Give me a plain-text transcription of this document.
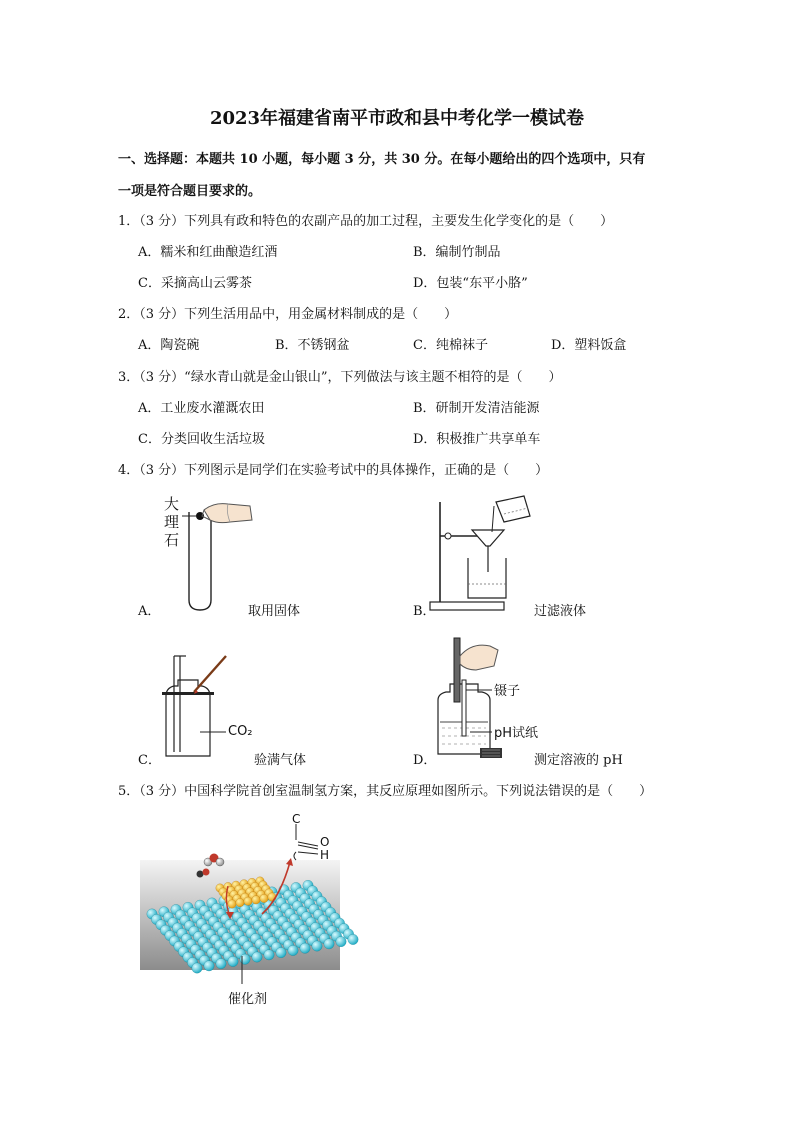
2023年福建省南平市政和县中考化学一模试卷
一、选择题：本题共 10 小题，每小题 3 分，共 30 分。在每小题给出的四个选项中，只有
一项是符合题目要求的。
1．（3 分）下列具有政和特色的农副产品的加工过程，主要发生化学变化的是（　　）
A．糯米和红曲酿造红酒	B．编制竹制品
C．采摘高山云雾茶	D．包装“东平小胳”
2．（3 分）下列生活用品中，用金属材料制成的是（　　）
A．陶瓷碗	B．不锈钢盆	C．纯棉袜子	D．塑料饭盒
3．（3 分）“绿水青山就是金山银山”，下列做法与该主题不相符的是（　　）
A．工业废水灌溉农田	B．研制开发清洁能源
C．分类回收生活垃圾	D．积极推广共享单车
4．（3 分）下列图示是同学们在实验考试中的具体操作，正确的是（　　）
大
理
石
A．	取用固体	B．	过滤液体
CO₂
C．	验满气体
镊子
pH试纸
D．	测定溶液的 pH
5．（3 分）中国科学院首创室温制氢方案，其反应原理如图所示。下列说法错误的是（　　）
C
O
H
催化剂
